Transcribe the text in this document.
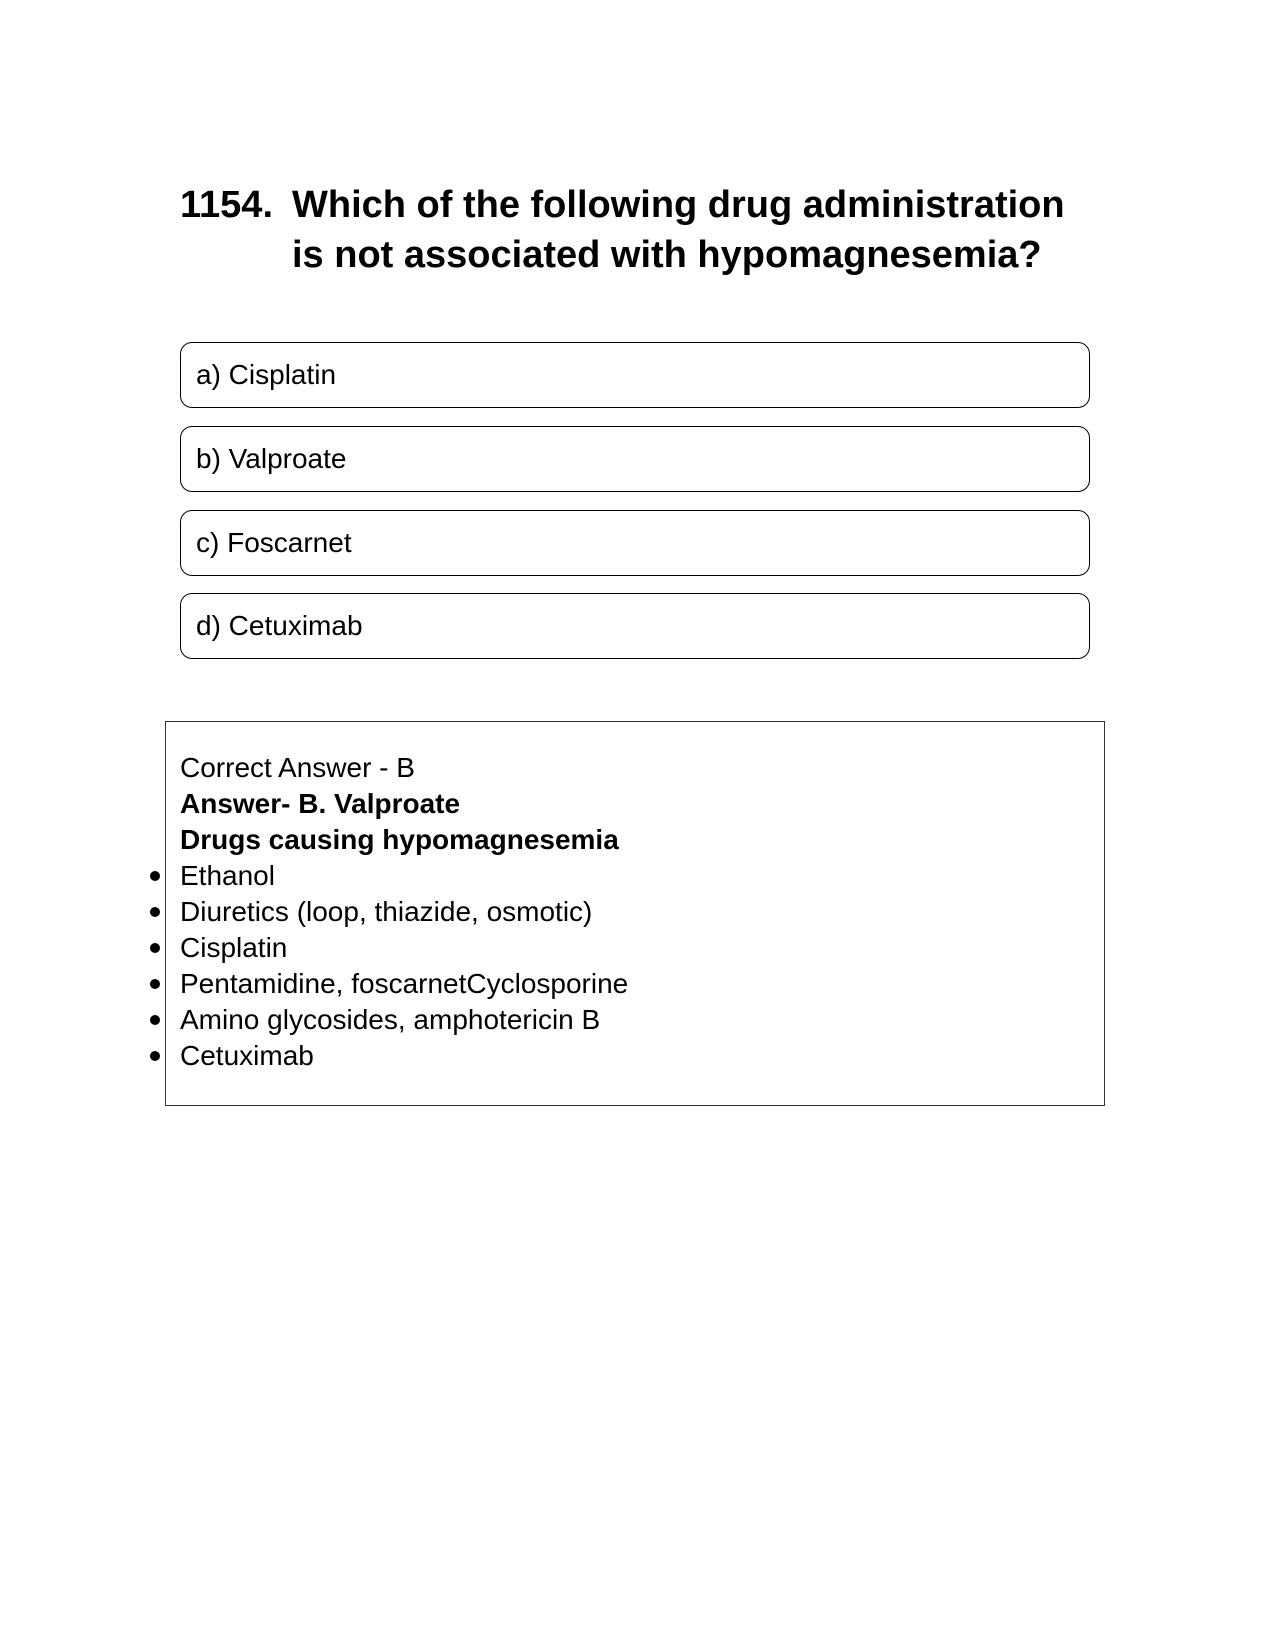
1154. Which of the following drug administration is not associated with hypomagnesemia?
a) Cisplatin
b) Valproate
c) Foscarnet
d) Cetuximab
Correct Answer - B
Answer- B. Valproate
Drugs causing hypomagnesemia
Ethanol
Diuretics (loop, thiazide, osmotic)
Cisplatin
Pentamidine, foscarnetCyclosporine
Amino glycosides, amphotericin B
Cetuximab
